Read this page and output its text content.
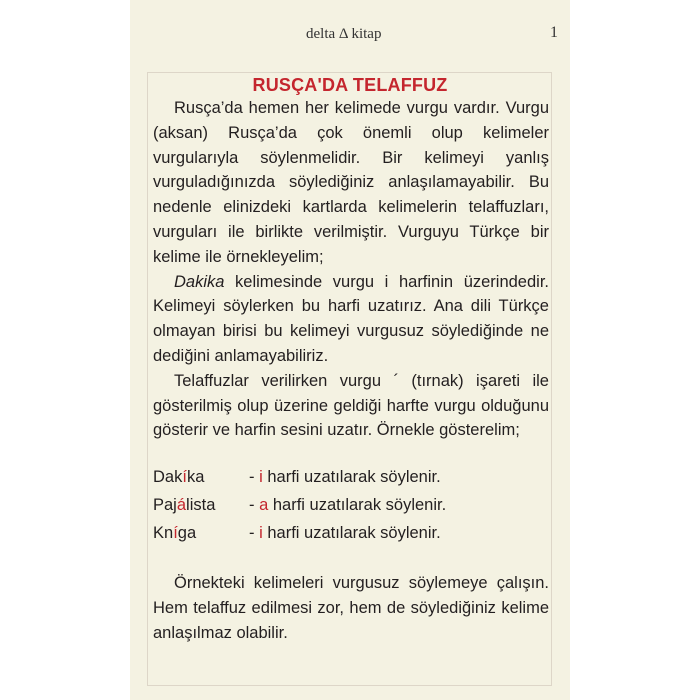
delta Δ kitap	1
RUSÇA'DA TELAFFUZ

Rusça’da hemen her kelimede vurgu vardır. Vurgu (aksan) Rusça’da çok önemli olup kelimeler vurgularıyla söylenmelidir. Bir kelimeyi yanlış vurguladığınızda söylediğiniz anlaşılamayabilir. Bu nedenle elinizdeki kartlarda kelimelerin telaffuzları, vurguları ile birlikte verilmiştir. Vurguyu Türkçe bir kelime ile örnekleyelim;

Dakika kelimesinde vurgu i harfinin üzerindedir. Kelimeyi söylerken bu harfi uzatırız. Ana dili Türkçe olmayan birisi bu kelimeyi vurgusuz söylediğinde ne dediğini anlamayabiliriz.

Telaffuzlar verilirken vurgu ´ (tırnak) işareti ile gösterilmiş olup üzerine geldiği harfte vurgu olduğunu gösterir ve harfin sesini uzatır. Örnekle gösterelim;

Dakíka	- i harfi uzatılarak söylenir.
Pajálista	- a harfi uzatılarak söylenir.
Kníga	- i harfi uzatılarak söylenir.

Örnekteki kelimeleri vurgusuz söylemeye çalışın. Hem telaffuz edilmesi zor, hem de söylediğiniz kelime anlaşılmaz olabilir.
